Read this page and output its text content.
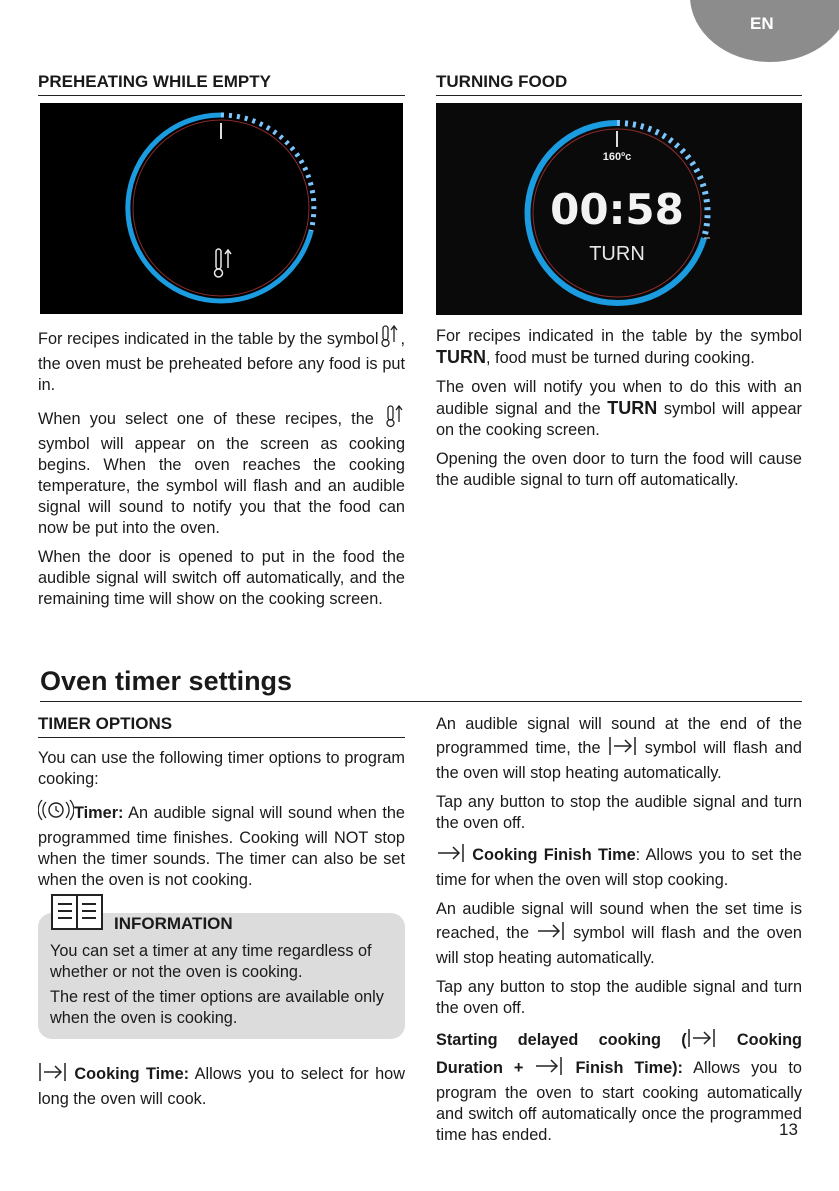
EN
PREHEATING WHILE EMPTY

For recipes indicated in the table by the symbol , the oven must be preheated before any food is put in.

When you select one of these recipes, the  symbol will appear on the screen as cooking begins. When the oven reaches the cooking temperature, the symbol will flash and an audible signal will sound to notify you that the food can now be put into the oven.

When the door is opened to put in the food the audible signal will switch off automatically, and the remaining time will show on the cooking screen.

TURNING FOOD
160ºc
00:58
TURN

For recipes indicated in the table by the symbol TURN, food must be turned during cooking.

The oven will notify you when to do this with an audible signal and the TURN symbol will appear on the cooking screen.

Opening the oven door to turn the food will cause the audible signal to turn off automatically.

Oven timer settings
TIMER OPTIONS

You can use the following timer options to program cooking:

Timer: An audible signal will sound when the programmed time finishes. Cooking will NOT stop when the timer sounds. The timer can also be set when the oven is not cooking.

INFORMATION

You can set a timer at any time regardless of whether or not the oven is cooking.

The rest of the timer options are available only when the oven is cooking.

Cooking Time: Allows you to select for how long the oven will cook.

An audible signal will sound at the end of the programmed time, the  symbol will flash and the oven will stop heating automatically.

Tap any button to stop the audible signal and turn the oven off.

Cooking Finish Time: Allows you to set the time for when the oven will stop cooking.

An audible signal will sound when the set time is reached, the  symbol will flash and the oven will stop heating automatically.

Tap any button to stop the audible signal and turn the oven off.

Starting delayed cooking ( Cooking Duration +  Finish Time): Allows you to program the oven to start cooking automatically and switch off automatically once the programmed time has ended.	13
